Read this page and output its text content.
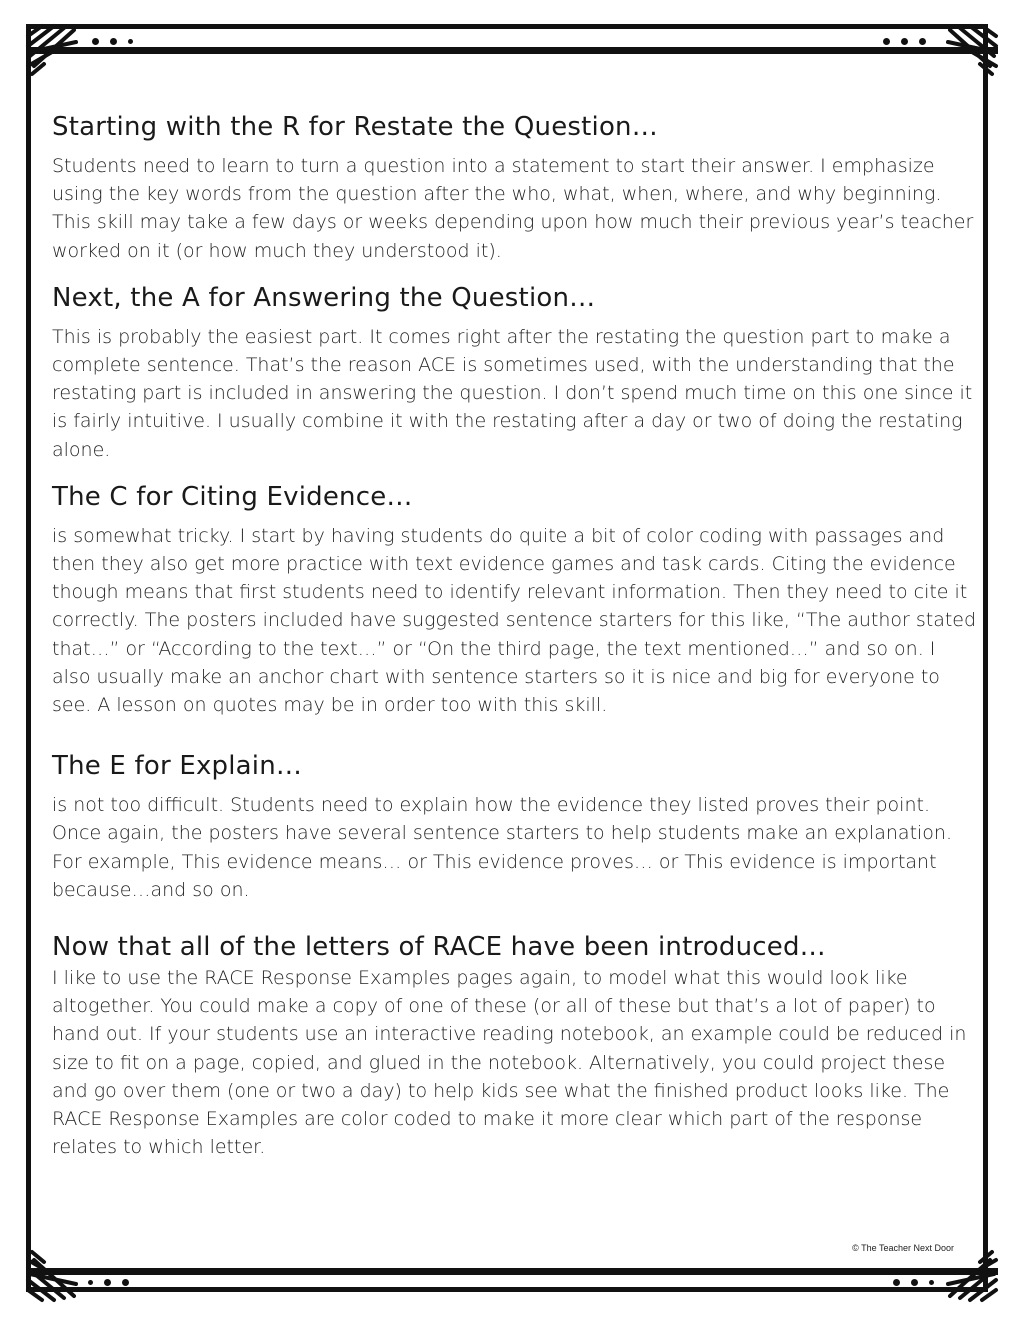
Starting with the R for Restate the Question…

Students need to learn to turn a question into a statement to start their answer. I emphasize using the key words from the question after the who, what, when, where, and why beginning. This skill may take a few days or weeks depending upon how much their previous year’s teacher worked on it (or how much they understood it).

Next, the A for Answering the Question…

This is probably the easiest part. It comes right after the restating the question part to make a complete sentence. That’s the reason ACE is sometimes used, with the understanding that the restating part is included in answering the question. I don’t spend much time on this one since it is fairly intuitive. I usually combine it with the restating after a day or two of doing the restating alone.

The C for Citing Evidence…

is somewhat tricky. I start by having students do quite a bit of color coding with passages and then they also get more practice with text evidence games and task cards. Citing the evidence though means that first students need to identify relevant information. Then they need to cite it correctly. The posters included have suggested sentence starters for this like, “The author stated that…” or “According to the text…” or “On the third page, the text mentioned…” and so on. I also usually make an anchor chart with sentence starters so it is nice and big for everyone to see. A lesson on quotes may be in order too with this skill.

The E for Explain…

is not too difficult. Students need to explain how the evidence they listed proves their point. Once again, the posters have several sentence starters to help students make an explanation. For example, This evidence means… or This evidence proves… or This evidence is important because…and so on.

Now that all of the letters of RACE have been introduced…

I like to use the RACE Response Examples pages again, to model what this would look like altogether. You could make a copy of one of these (or all of these but that’s a lot of paper) to hand out. If your students use an interactive reading notebook, an example could be reduced in size to fit on a page, copied, and glued in the notebook. Alternatively, you could project these and go over them (one or two a day) to help kids see what the finished product looks like. The RACE Response Examples are color coded to make it more clear which part of the response relates to which letter.

© The Teacher Next Door
